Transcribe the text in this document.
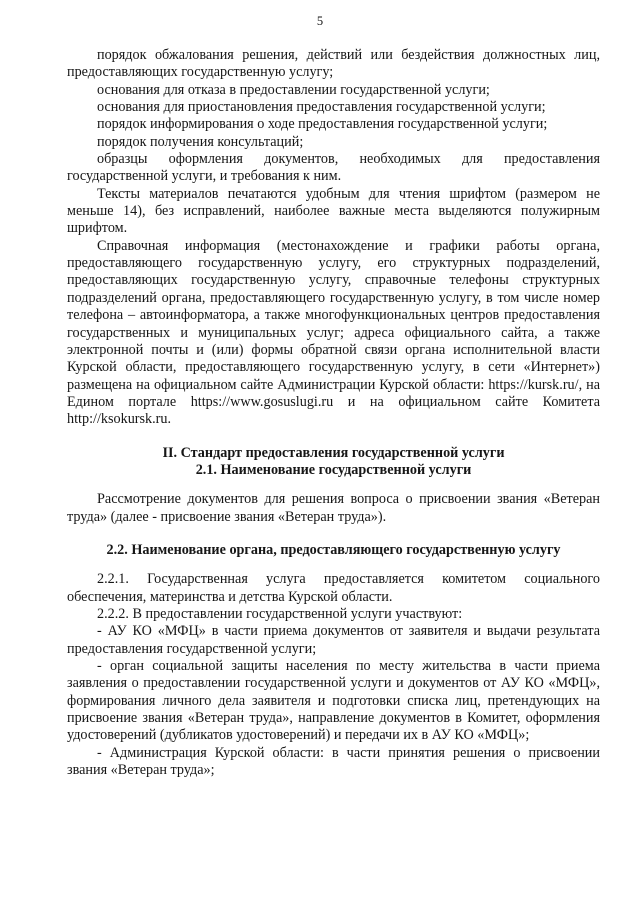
5

порядок обжалования решения, действий или бездействия должностных лиц, предоставляющих государственную услугу;

основания для отказа в предоставлении государственной услуги;

основания для приостановления предоставления государственной услуги;

порядок информирования о ходе предоставления государственной услуги;

порядок получения консультаций;

образцы оформления документов, необходимых для предоставления государственной услуги, и требования к ним.

Тексты материалов печатаются удобным для чтения шрифтом (размером не меньше 14), без исправлений, наиболее важные места выделяются полужирным шрифтом.

Справочная информация (местонахождение и графики работы органа, предоставляющего государственную услугу, его структурных подразделений, предоставляющих государственную услугу, справочные телефоны структурных подразделений органа, предоставляющего государственную услугу, в том числе номер телефона – автоинформатора, а также многофункциональных центров предоставления государственных и муниципальных услуг; адреса официального сайта, а также электронной почты и (или) формы обратной связи органа исполнительной власти Курской области, предоставляющего государственную услугу, в сети «Интернет») размещена на официальном сайте Администрации Курской области: https://kursk.ru/, на Едином портале https://www.gosuslugi.ru и на официальном сайте Комитета http://ksokursk.ru.

II. Стандарт предоставления государственной услуги
2.1. Наименование государственной услуги

Рассмотрение документов для решения вопроса о присвоении звания «Ветеран труда» (далее - присвоение звания «Ветеран труда»).

2.2. Наименование органа, предоставляющего государственную услугу

2.2.1. Государственная услуга предоставляется комитетом социального обеспечения, материнства и детства Курской области.

2.2.2. В предоставлении государственной услуги участвуют:

- АУ КО «МФЦ» в части приема документов от заявителя и выдачи результата предоставления государственной услуги;

- орган социальной защиты населения по месту жительства в части приема заявления о предоставлении государственной услуги и документов от АУ КО «МФЦ», формирования личного дела заявителя и подготовки списка лиц, претендующих на присвоение звания «Ветеран труда», направление документов в Комитет, оформления удостоверений (дубликатов удостоверений) и передачи их в АУ КО «МФЦ»;

- Администрация Курской области: в части принятия решения о присвоении звания «Ветеран труда»;
